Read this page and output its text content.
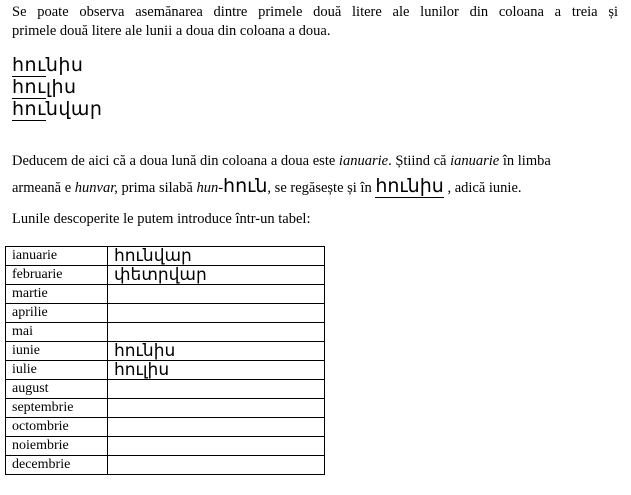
Se poate observa asemănarea dintre primele două litere ale lunilor din coloana a treia și
primele două litere ale lunii a doua din coloana a doua.
հունիս
հուլիս
հունվար
Deducem de aici că a doua lună din coloana a doua este ianuarie. Știind că ianuarie în limba
armeană e hunvar, prima silabă hun-հուն, se regăsește și în հունիս , adică iunie.
Lunile descoperite le putem introduce într-un tabel:
ianuarie	հունվար
februarie	փետրվար
martie	
aprilie	
mai	
iunie	հունիս
iulie	հուլիս
august	
septembrie	
octombrie	
noiembrie	
decembrie	
